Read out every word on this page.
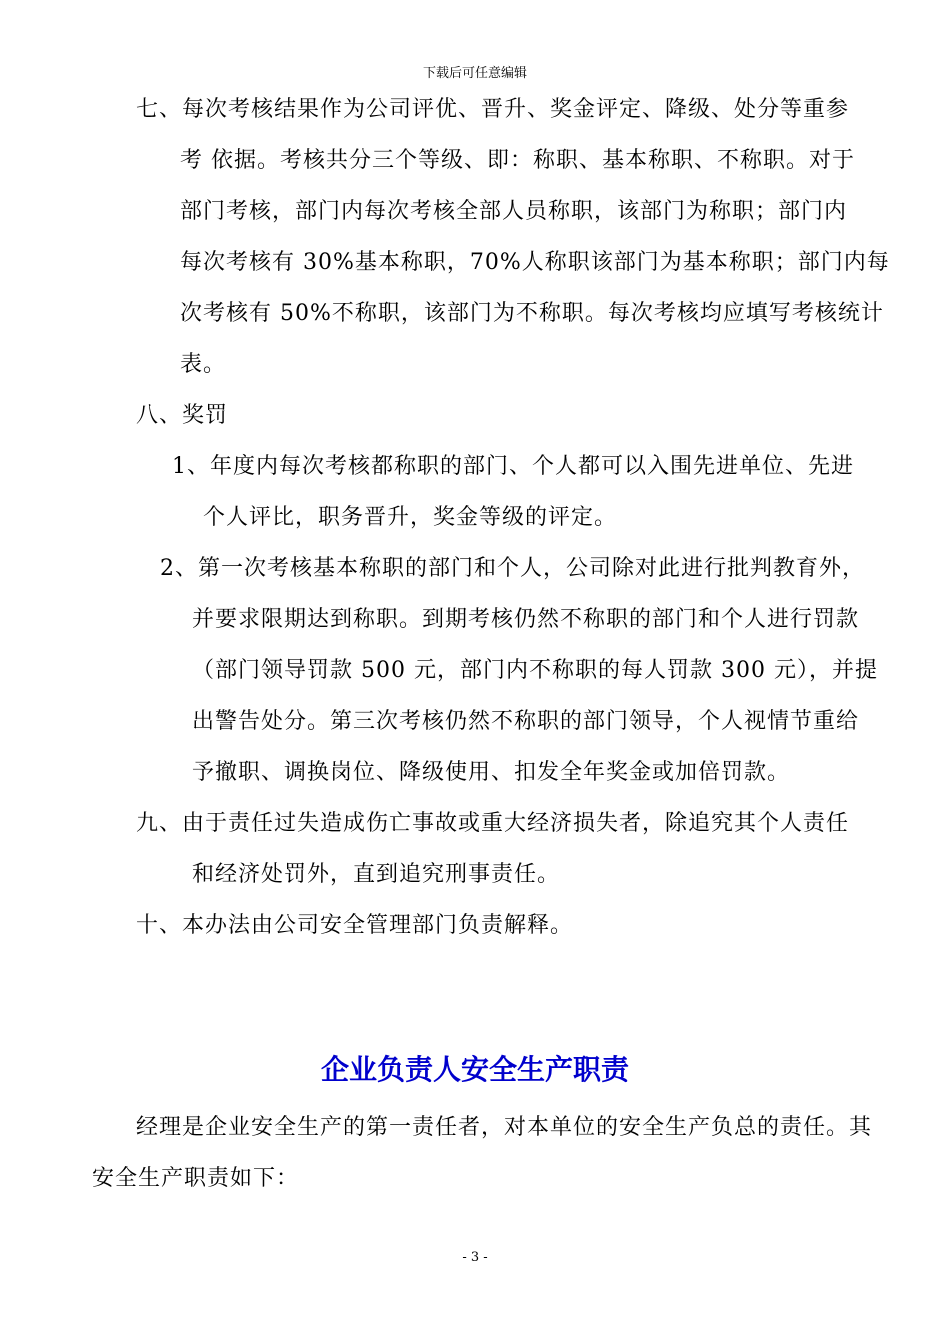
下载后可任意编辑
七、每次考核结果作为公司评优、晋升、奖金评定、降级、处分等重参
考 依据。考核共分三个等级、即：称职、基本称职、不称职。对于
部门考核，部门内每次考核全部人员称职，该部门为称职；部门内
每次考核有 30%基本称职，70%人称职该部门为基本称职；部门内每
次考核有 50%不称职，该部门为不称职。每次考核均应填写考核统计
表。
八、奖罚
1、年度内每次考核都称职的部门、个人都可以入围先进单位、先进
个人评比，职务晋升，奖金等级的评定。
2、第一次考核基本称职的部门和个人，公司除对此进行批判教育外，
并要求限期达到称职。到期考核仍然不称职的部门和个人进行罚款
（部门领导罚款 500 元，部门内不称职的每人罚款 300 元），并提
出警告处分。第三次考核仍然不称职的部门领导，个人视情节重给
予撤职、调换岗位、降级使用、扣发全年奖金或加倍罚款。
九、由于责任过失造成伤亡事故或重大经济损失者，除追究其个人责任
和经济处罚外，直到追究刑事责任。
十、本办法由公司安全管理部门负责解释。
企业负责人安全生产职责
经理是企业安全生产的第一责任者，对本单位的安全生产负总的责任。其
安全生产职责如下：
- 3 -
